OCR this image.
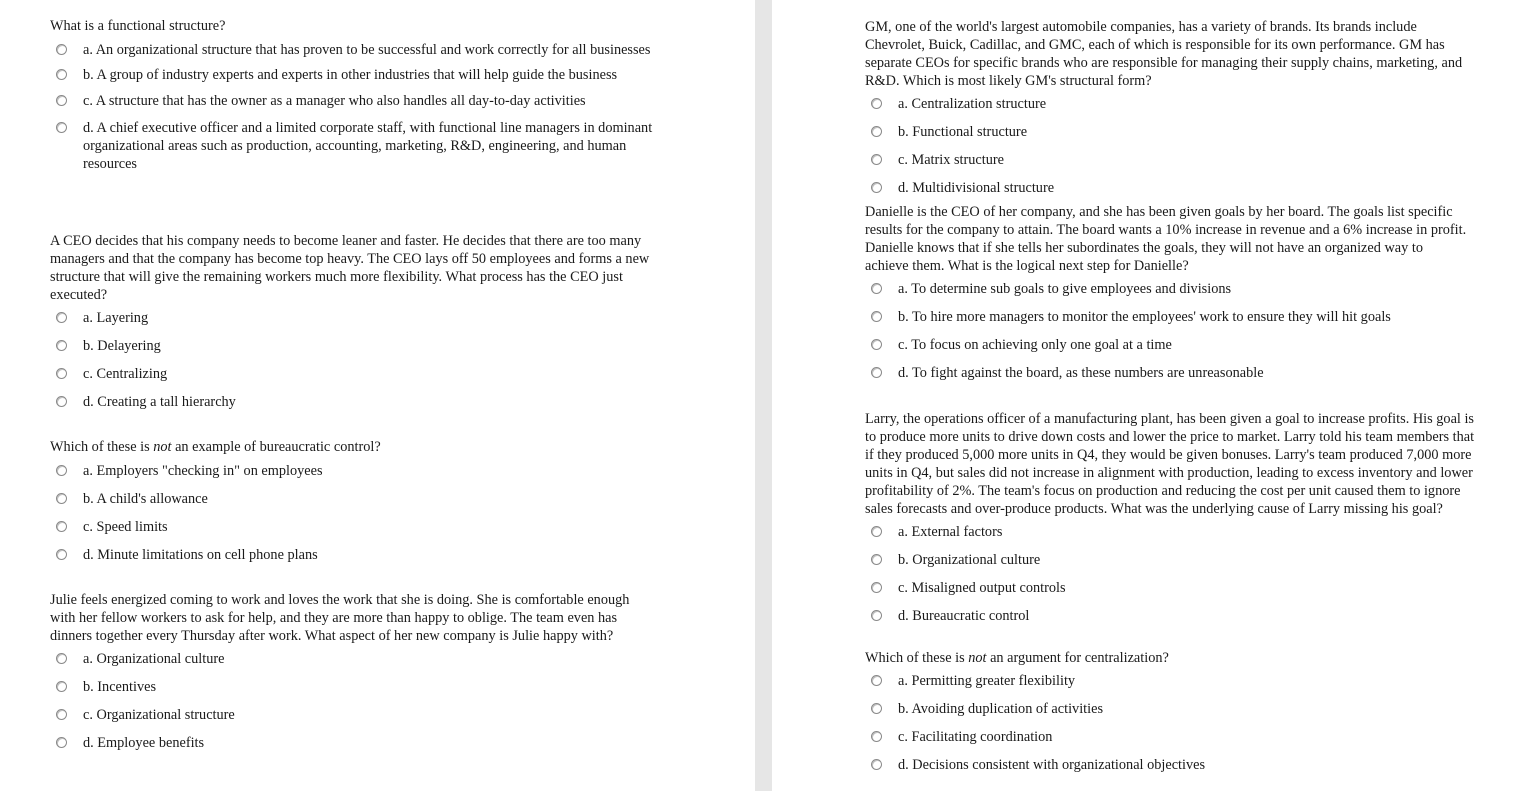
What is a functional structure?

a. An organizational structure that has proven to be successful and work correctly for all businesses
b. A group of industry experts and experts in other industries that will help guide the business
c. A structure that has the owner as a manager who also handles all day-to-day activities
d. A chief executive officer and a limited corporate staff, with functional line managers in dominant organizational areas such as production, accounting, marketing, R&D, engineering, and human resources

A CEO decides that his company needs to become leaner and faster. He decides that there are too many managers and that the company has become top heavy. The CEO lays off 50 employees and forms a new structure that will give the remaining workers much more flexibility. What process has the CEO just executed?

a. Layering
b. Delayering
c. Centralizing
d. Creating a tall hierarchy

Which of these is not an example of bureaucratic control?

a. Employers "checking in" on employees
b. A child's allowance
c. Speed limits
d. Minute limitations on cell phone plans

Julie feels energized coming to work and loves the work that she is doing. She is comfortable enough with her fellow workers to ask for help, and they are more than happy to oblige. The team even has dinners together every Thursday after work. What aspect of her new company is Julie happy with?

a. Organizational culture
b. Incentives
c. Organizational structure
d. Employee benefits

GM, one of the world's largest automobile companies, has a variety of brands. Its brands include Chevrolet, Buick, Cadillac, and GMC, each of which is responsible for its own performance. GM has separate CEOs for specific brands who are responsible for managing their supply chains, marketing, and R&D. Which is most likely GM's structural form?

a. Centralization structure
b. Functional structure
c. Matrix structure
d. Multidivisional structure

Danielle is the CEO of her company, and she has been given goals by her board. The goals list specific results for the company to attain. The board wants a 10% increase in revenue and a 6% increase in profit. Danielle knows that if she tells her subordinates the goals, they will not have an organized way to achieve them. What is the logical next step for Danielle?

a. To determine sub goals to give employees and divisions
b. To hire more managers to monitor the employees' work to ensure they will hit goals
c. To focus on achieving only one goal at a time
d. To fight against the board, as these numbers are unreasonable

Larry, the operations officer of a manufacturing plant, has been given a goal to increase profits. His goal is to produce more units to drive down costs and lower the price to market. Larry told his team members that if they produced 5,000 more units in Q4, they would be given bonuses. Larry's team produced 7,000 more units in Q4, but sales did not increase in alignment with production, leading to excess inventory and lower profitability of 2%. The team's focus on production and reducing the cost per unit caused them to ignore sales forecasts and over-produce products. What was the underlying cause of Larry missing his goal?

a. External factors
b. Organizational culture
c. Misaligned output controls
d. Bureaucratic control

Which of these is not an argument for centralization?

a. Permitting greater flexibility
b. Avoiding duplication of activities
c. Facilitating coordination
d. Decisions consistent with organizational objectives
